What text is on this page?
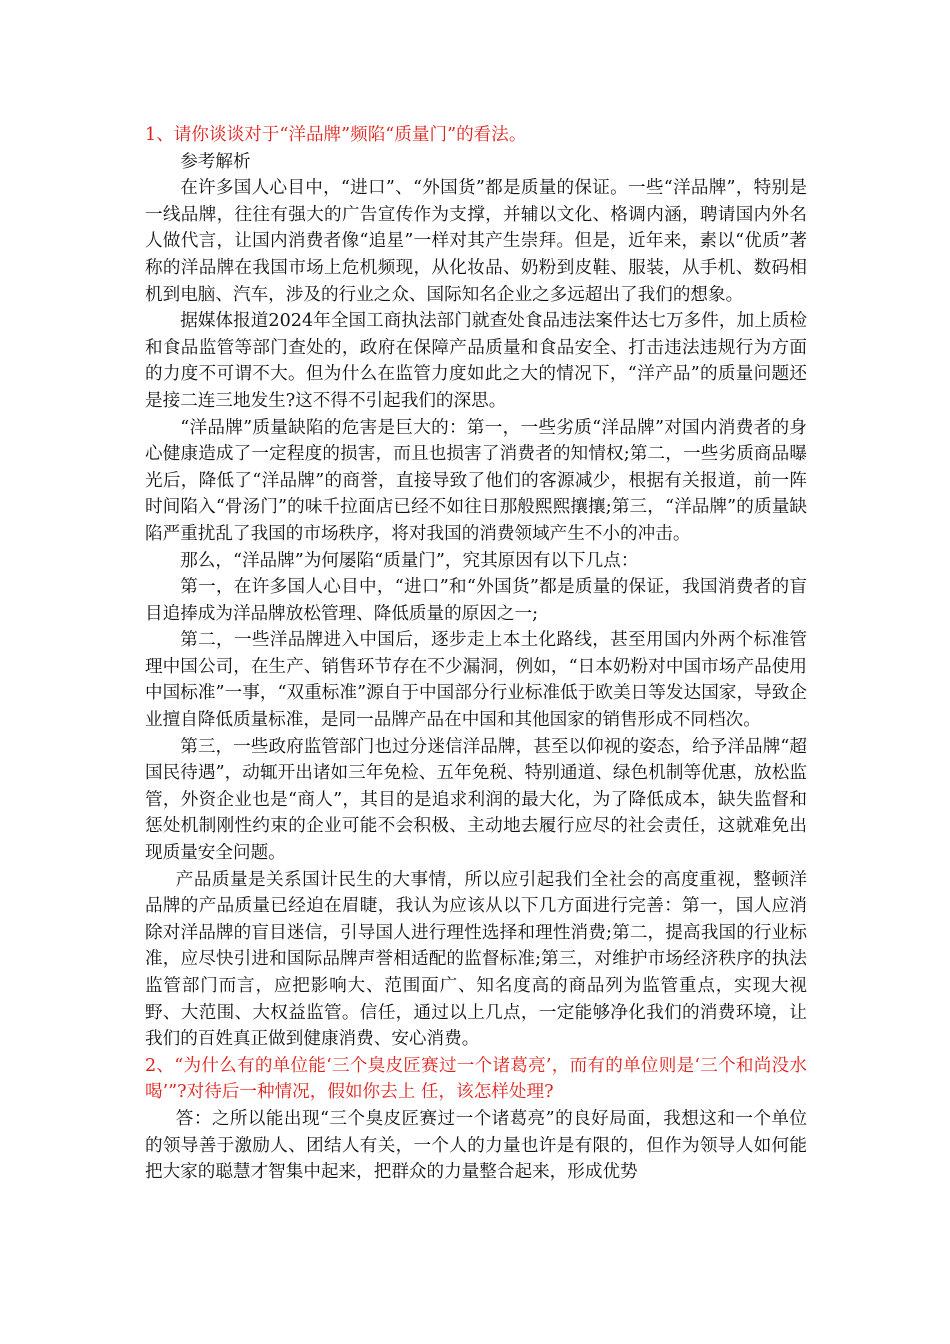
1、请你谈谈对于“洋品牌”频陷“质量门”的看法。

参考解析

在许多国人心目中，“进口”、“外国货”都是质量的保证。一些“洋品牌”，特别是一线品牌，往往有强大的广告宣传作为支撑，并辅以文化、格调内涵，聘请国内外名人做代言，让国内消费者像“追星”一样对其产生崇拜。但是，近年来，素以“优质”著称的洋品牌在我国市场上危机频现，从化妆品、奶粉到皮鞋、服装，从手机、数码相机到电脑、汽车，涉及的行业之众、国际知名企业之多远超出了我们的想象。

据媒体报道2024年全国工商执法部门就查处食品违法案件达七万多件，加上质检和食品监管等部门查处的，政府在保障产品质量和食品安全、打击违法违规行为方面的力度不可谓不大。但为什么在监管力度如此之大的情况下，“洋产品”的质量问题还是接二连三地发生?这不得不引起我们的深思。

“洋品牌”质量缺陷的危害是巨大的：第一，一些劣质“洋品牌”对国内消费者的身心健康造成了一定程度的损害，而且也损害了消费者的知情权;第二，一些劣质商品曝光后，降低了“洋品牌”的商誉，直接导致了他们的客源减少，根据有关报道，前一阵时间陷入“骨汤门”的味千拉面店已经不如往日那般熙熙攘攘;第三，“洋品牌”的质量缺陷严重扰乱了我国的市场秩序，将对我国的消费领域产生不小的冲击。

那么，“洋品牌”为何屡陷“质量门”，究其原因有以下几点：

第一，在许多国人心目中，“进口”和“外国货”都是质量的保证，我国消费者的盲目追捧成为洋品牌放松管理、降低质量的原因之一;

第二，一些洋品牌进入中国后，逐步走上本土化路线，甚至用国内外两个标准管理中国公司，在生产、销售环节存在不少漏洞，例如，“日本奶粉对中国市场产品使用中国标准”一事，“双重标准”源自于中国部分行业标准低于欧美日等发达国家，导致企业擅自降低质量标准，是同一品牌产品在中国和其他国家的销售形成不同档次。

第三，一些政府监管部门也过分迷信洋品牌，甚至以仰视的姿态，给予洋品牌“超国民待遇”，动辄开出诸如三年免检、五年免税、特别通道、绿色机制等优惠，放松监管，外资企业也是“商人”，其目的是追求利润的最大化，为了降低成本，缺失监督和惩处机制刚性约束的企业可能不会积极、主动地去履行应尽的社会责任，这就难免出现质量安全问题。

产品质量是关系国计民生的大事情，所以应引起我们全社会的高度重视，整顿洋品牌的产品质量已经迫在眉睫，我认为应该从以下几方面进行完善：第一，国人应消除对洋品牌的盲目迷信，引导国人进行理性选择和理性消费;第二，提高我国的行业标准，应尽快引进和国际品牌声誉相适配的监督标准;第三，对维护市场经济秩序的执法监管部门而言，应把影响大、范围面广、知名度高的商品列为监管重点，实现大视野、大范围、大权益监管。信任，通过以上几点，一定能够净化我们的消费环境，让我们的百姓真正做到健康消费、安心消费。

2、“为什么有的单位能‘三个臭皮匠赛过一个诸葛亮’，而有的单位则是‘三个和尚没水喝’”?对待后一种情况，假如你去上 任，该怎样处理?

答：之所以能出现“三个臭皮匠赛过一个诸葛亮”的良好局面，我想这和一个单位的领导善于激励人、团结人有关，一个人的力量也许是有限的，但作为领导人如何能把大家的聪慧才智集中起来，把群众的力量整合起来，形成优势
